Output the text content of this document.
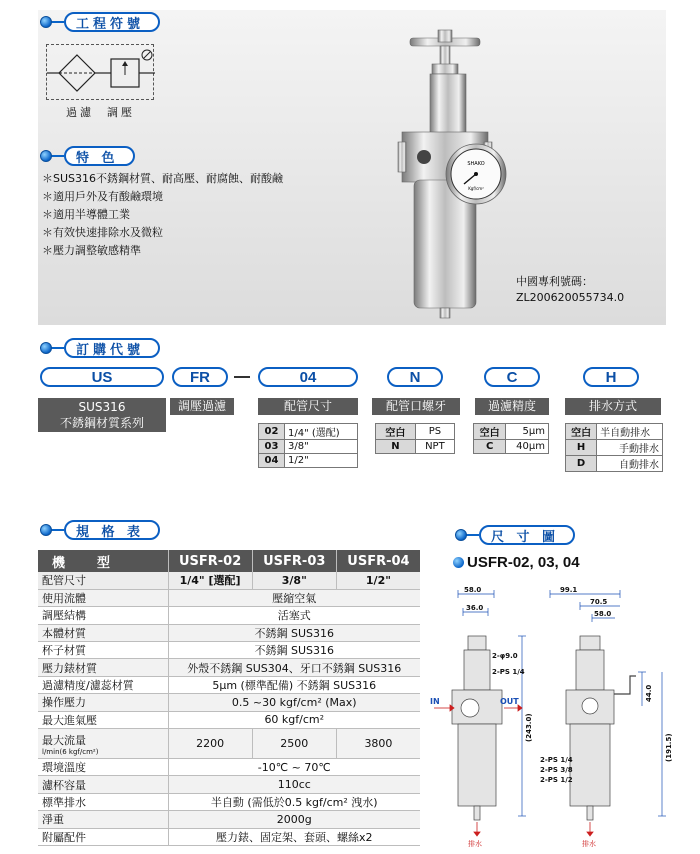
工程符號
過濾 調壓
特 色
＊SUS316不銹鋼材質、耐高壓、耐腐蝕、耐酸鹼
＊適用戶外及有酸鹼環境
＊適用半導體工業
＊有效快速排除水及微粒
＊壓力調整敏感精準
SHAKO
Kgf/cm²
中國專利號碼：
ZL200620055734.0
訂購代號
US	FR	04	N	C	H
SUS316
不銹鋼材質系列
調壓過濾	配管尺寸	配管口螺牙	過濾精度	排水方式
02	1/4" (選配)
03	3/8"
04	1/2"
空白	PS
N	NPT
空白	5μm
C	40μm
空白	半自動排水
H	手動排水
D	自動排水
規 格 表
機　　型	USFR-02	USFR-03	USFR-04
配管尺寸	1/4" [選配]	3/8"	1/2"
使用流體	壓縮空氣		
調壓結構	活塞式		
本體材質	不銹鋼 SUS316		
杯子材質	不銹鋼 SUS316		
壓力錶材質	外殼不銹鋼 SUS304、牙口不銹鋼 SUS316		
過濾精度/濾蕊材質	5μm (標準配備) 不銹鋼 SUS316		
操作壓力	0.5 ~30 kgf/cm² (Max)		
最大進氣壓	60 kgf/cm²		
最大流量
l/min(6 kgf/cm²)	2200	2500	3800
環境溫度	-10℃ ~ 70℃		
濾杯容量	110cc		
標準排水	半自動 (需低於0.5 kgf/cm² 洩水)		
淨重	2000g		
附屬配件	壓力錶、固定架、套頭、螺絲x2		
尺 寸 圖
USFR-02, 03, 04
58.0
36.0
2-φ9.0
2-PS 1/4
99.1
70.5
58.0
2-PS 1/4
2-PS 3/8
2-PS 1/2
IN	OUT
排水	排水
(243.0)
44.0
(191.5)
